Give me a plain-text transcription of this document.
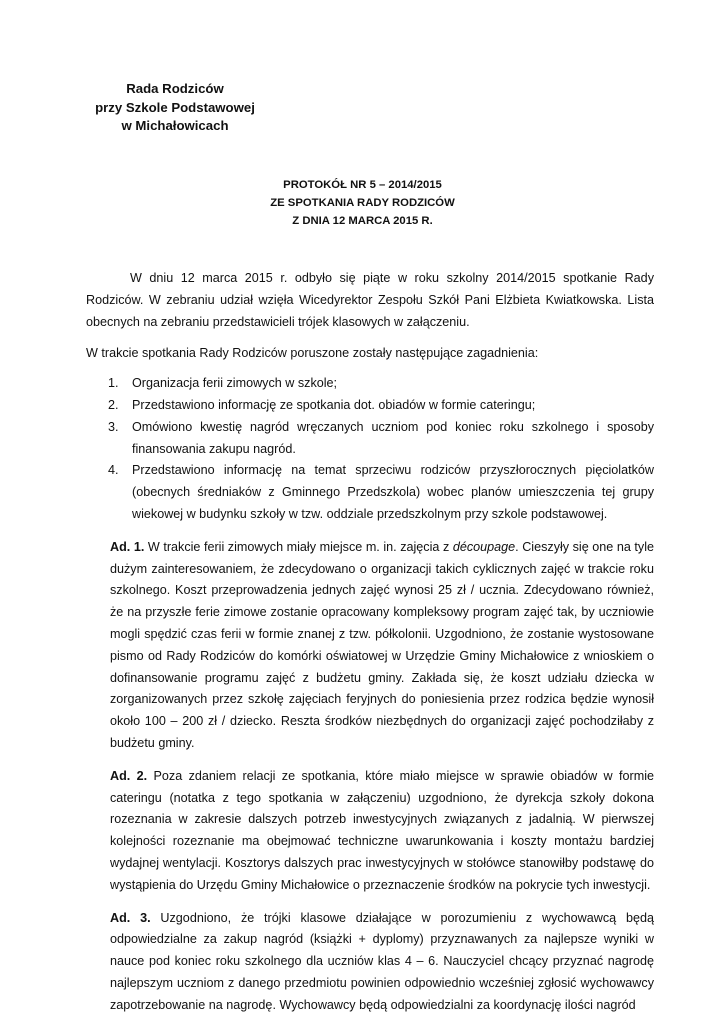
Rada Rodziców
przy Szkole Podstawowej
w Michałowicach
PROTOKÓŁ NR 5 – 2014/2015
ZE SPOTKANIA RADY RODZICÓW
Z DNIA 12 MARCA 2015 R.

W dniu 12 marca 2015 r. odbyło się piąte w roku szkolny 2014/2015 spotkanie Rady Rodziców. W zebraniu udział wzięła Wicedyrektor Zespołu Szkół Pani Elżbieta Kwiatkowska. Lista obecnych na zebraniu przedstawicieli trójek klasowych w załączeniu.

W trakcie spotkania Rady Rodziców poruszone zostały następujące zagadnienia:

1. Organizacja ferii zimowych w szkole;
2. Przedstawiono informację ze spotkania dot. obiadów w formie cateringu;
3. Omówiono kwestię nagród wręczanych uczniom pod koniec roku szkolnego i sposoby finansowania zakupu nagród.
4. Przedstawiono informację na temat sprzeciwu rodziców przyszłorocznych pięciolatków (obecnych średniaków z Gminnego Przedszkola) wobec planów umieszczenia tej grupy wiekowej w budynku szkoły w tzw. oddziale przedszkolnym przy szkole podstawowej.

Ad. 1. W trakcie ferii zimowych miały miejsce m. in. zajęcia z découpage. Cieszyły się one na tyle dużym zainteresowaniem, że zdecydowano o organizacji takich cyklicznych zajęć w trakcie roku szkolnego. Koszt przeprowadzenia jednych zajęć wynosi 25 zł / ucznia. Zdecydowano również, że na przyszłe ferie zimowe zostanie opracowany kompleksowy program zajęć tak, by uczniowie mogli spędzić czas ferii w formie znanej z tzw. półkolonii. Uzgodniono, że zostanie wystosowane pismo od Rady Rodziców do komórki oświatowej w Urzędzie Gminy Michałowice z wnioskiem o dofinansowanie programu zajęć z budżetu gminy. Zakłada się, że koszt udziału dziecka w zorganizowanych przez szkołę zajęciach feryjnych do poniesienia przez rodzica będzie wynosił około 100 – 200 zł / dziecko. Reszta środków niezbędnych do organizacji zajęć pochodziłaby z budżetu gminy.

Ad. 2. Poza zdaniem relacji ze spotkania, które miało miejsce w sprawie obiadów w formie cateringu (notatka z tego spotkania w załączeniu) uzgodniono, że dyrekcja szkoły dokona rozeznania w zakresie dalszych potrzeb inwestycyjnych związanych z jadalnią. W pierwszej kolejności rozeznanie ma obejmować techniczne uwarunkowania i koszty montażu bardziej wydajnej wentylacji. Kosztorys dalszych prac inwestycyjnych w stołówce stanowiłby podstawę do wystąpienia do Urzędu Gminy Michałowice o przeznaczenie środków na pokrycie tych inwestycji.

Ad. 3. Uzgodniono, że trójki klasowe działające w porozumieniu z wychowawcą będą odpowiedzialne za zakup nagród (książki + dyplomy) przyznawanych za najlepsze wyniki w nauce pod koniec roku szkolnego dla uczniów klas 4 – 6. Nauczyciel chcący przyznać nagrodę najlepszym uczniom z danego przedmiotu powinien odpowiednio wcześniej zgłosić wychowawcy zapotrzebowanie na nagrodę. Wychowawcy będą odpowiedzialni za koordynację ilości nagród
